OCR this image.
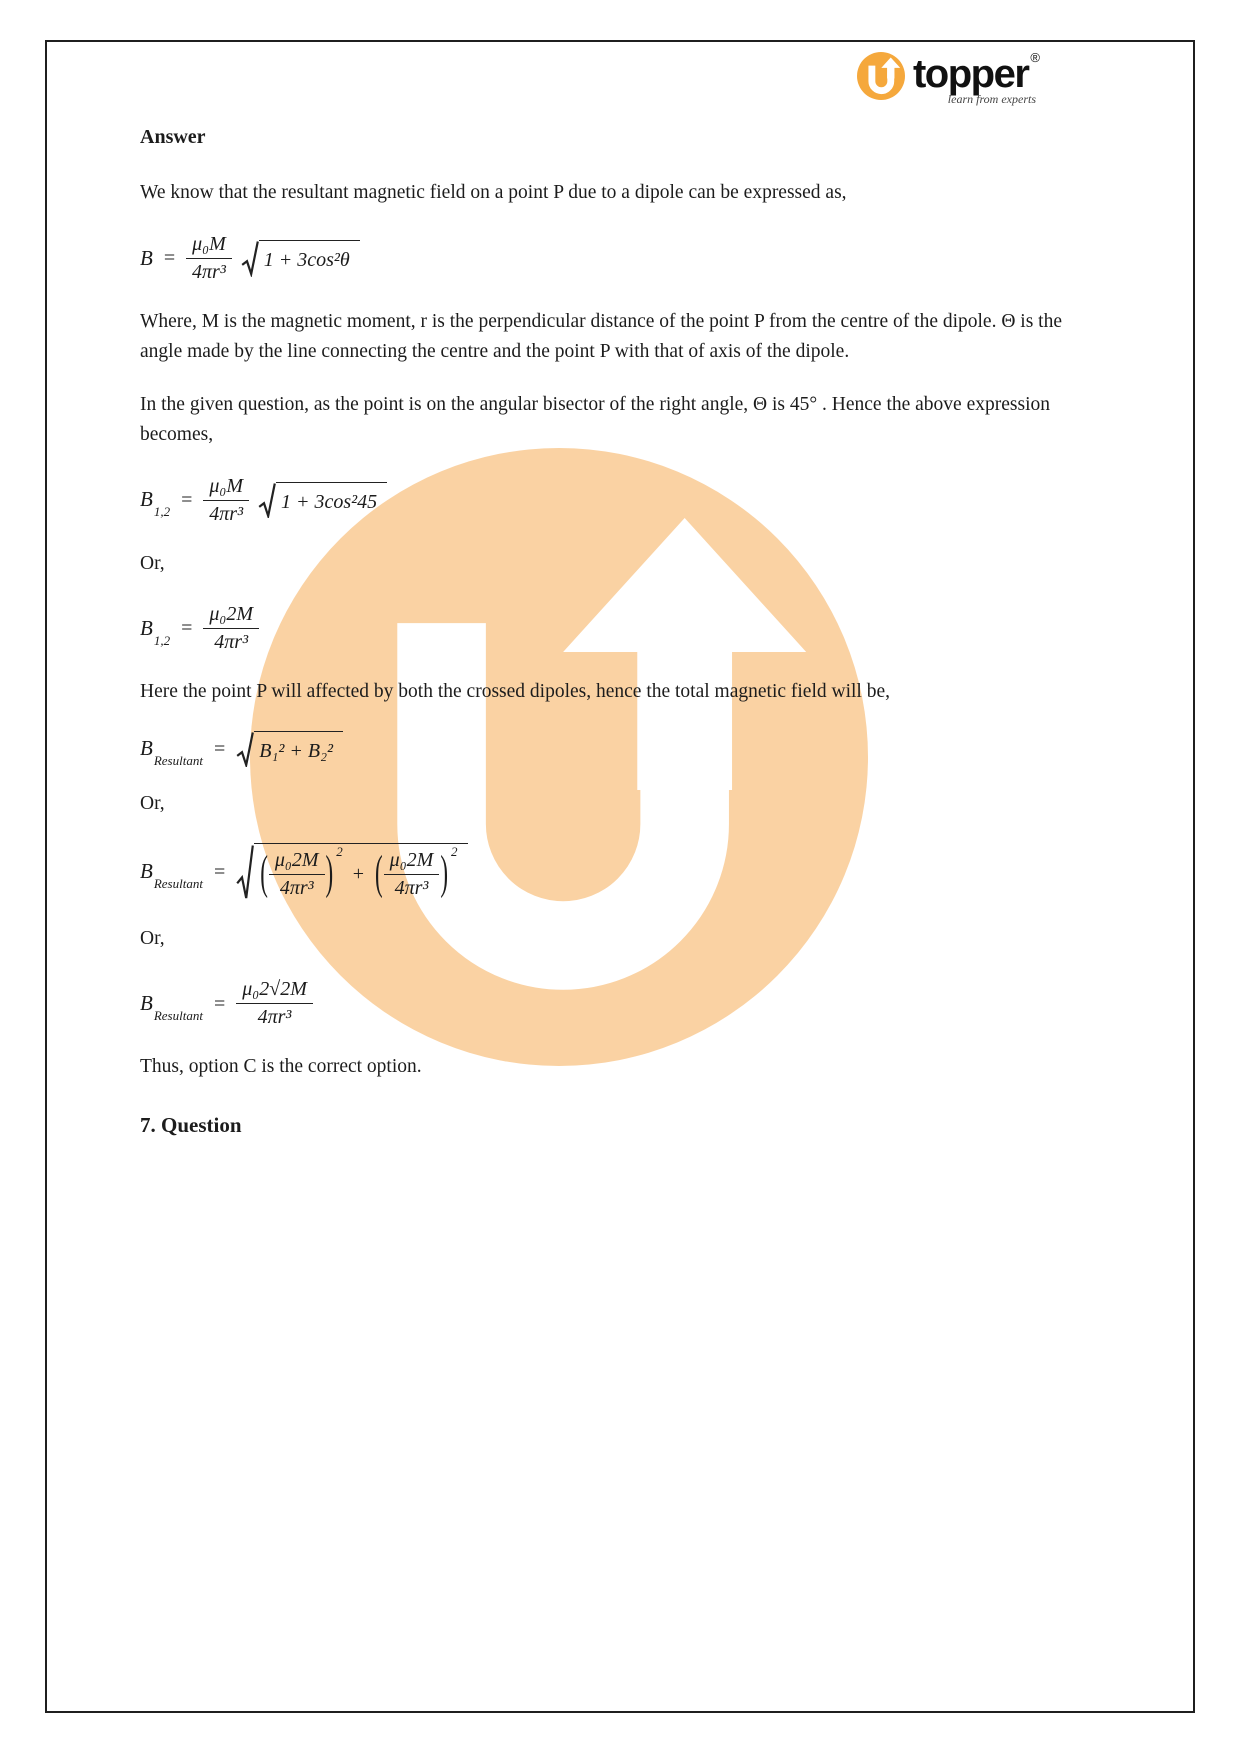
topper ®
learn from experts
Answer

We know that the resultant magnetic field on a point P due to a dipole can be expressed as,

$B = \frac{\text{μ₀M}}{\text{4πr³}}$	1 + 3cos²θ

Where, M is the magnetic moment, r is the perpendicular distance of the point P from the centre of the dipole. Θ is the angle made by the line connecting the centre and the point P with that of axis of the dipole.

In the given question, as the point is on the angular bisector of the right angle, Θ is 45° . Hence the above expression becomes,

B
$_{1,2}$
= $\frac{\text{μ₀M}}{\text{4πr³}}$	1 + 3cos²45

Or,

B
$_{1,2}$
= $\frac{\text{μ₀2M}}{\text{4πr³}}$

Here the point P will affected by both the crossed dipoles, hence the total magnetic field will be,

B
$_{Resultant}$
=	B₁² + B₂²

Or,

B
$_{Resultant}$
= ( $\frac{\text{μ₀2M}}{\text{4πr³}}$ ) 2
+ ( $\frac{\text{μ₀2M}}{\text{4πr³}}$ ) 2

Or,

B
$_{Resultant}$
= $\frac{\text{μ₀2√2M}}{\text{4πr³}}$

Thus, option C is the correct option.

7. Question
